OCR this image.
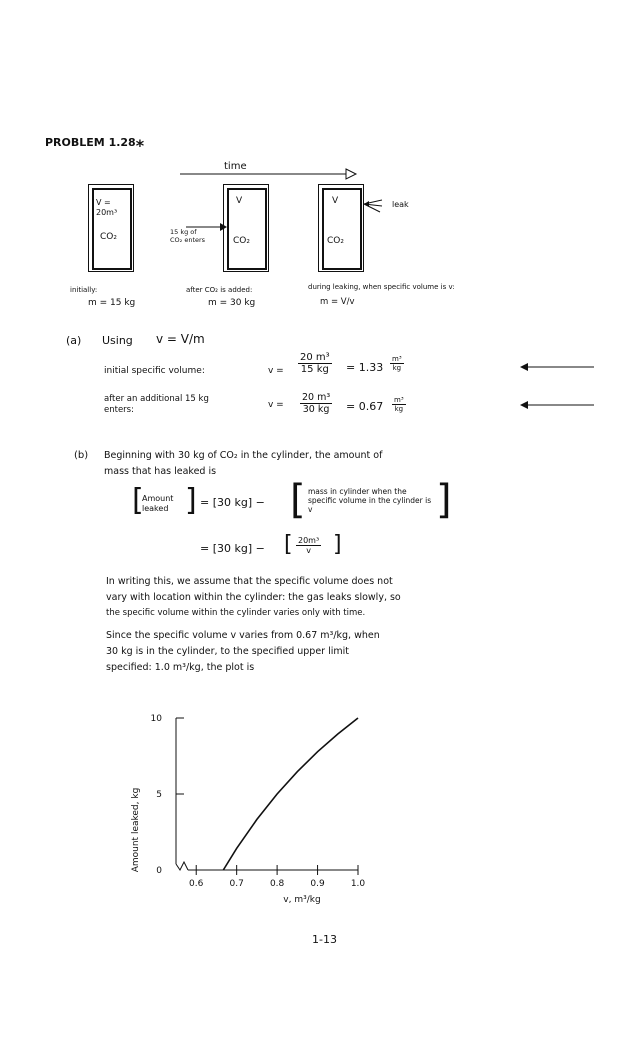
PROBLEM 1.28*
time
V = 20m³
CO₂
initially:
m = 15 kg
V
CO₂
15 kg of CO₂ enters
after CO₂ is added:
m = 30 kg
V
CO₂
leak
during leaking, when specific volume is v:
m = V/v
(a) Using v = V/m
initial specific volume:	$v = \frac{\text{20 m³}}{15 kg} = 1.33 \frac{\text{m³}}{kg}$
after an additional 15 kg enters:	$v = \frac{\text{20 m³}}{30 kg} = 0.67 \frac{\text{m³}}{kg}$
(b) Beginning with 30 kg of CO₂ in the cylinder, the amount of
mass that has leaked is
[
Amount leaked ] = [30 kg] − [ mass in cylinder when the specific volume in the cylinder is v	]
= [30 kg] − [ $\frac{\text{20m³}}{v}$ ]
In writing this, we assume that the specific volume does not
vary with location within the cylinder: the gas leaks slowly, so
the specific volume within the cylinder varies only with time.
Since the specific volume v varies from 0.67 m³/kg, when
30 kg is in the cylinder, to the specified upper limit
specified: 1.0 m³/kg, the plot is
Amount leaked, kg
v, m³/kg
0
5
10
0.6	0.7	0.8	0.9	1.0
1-13
